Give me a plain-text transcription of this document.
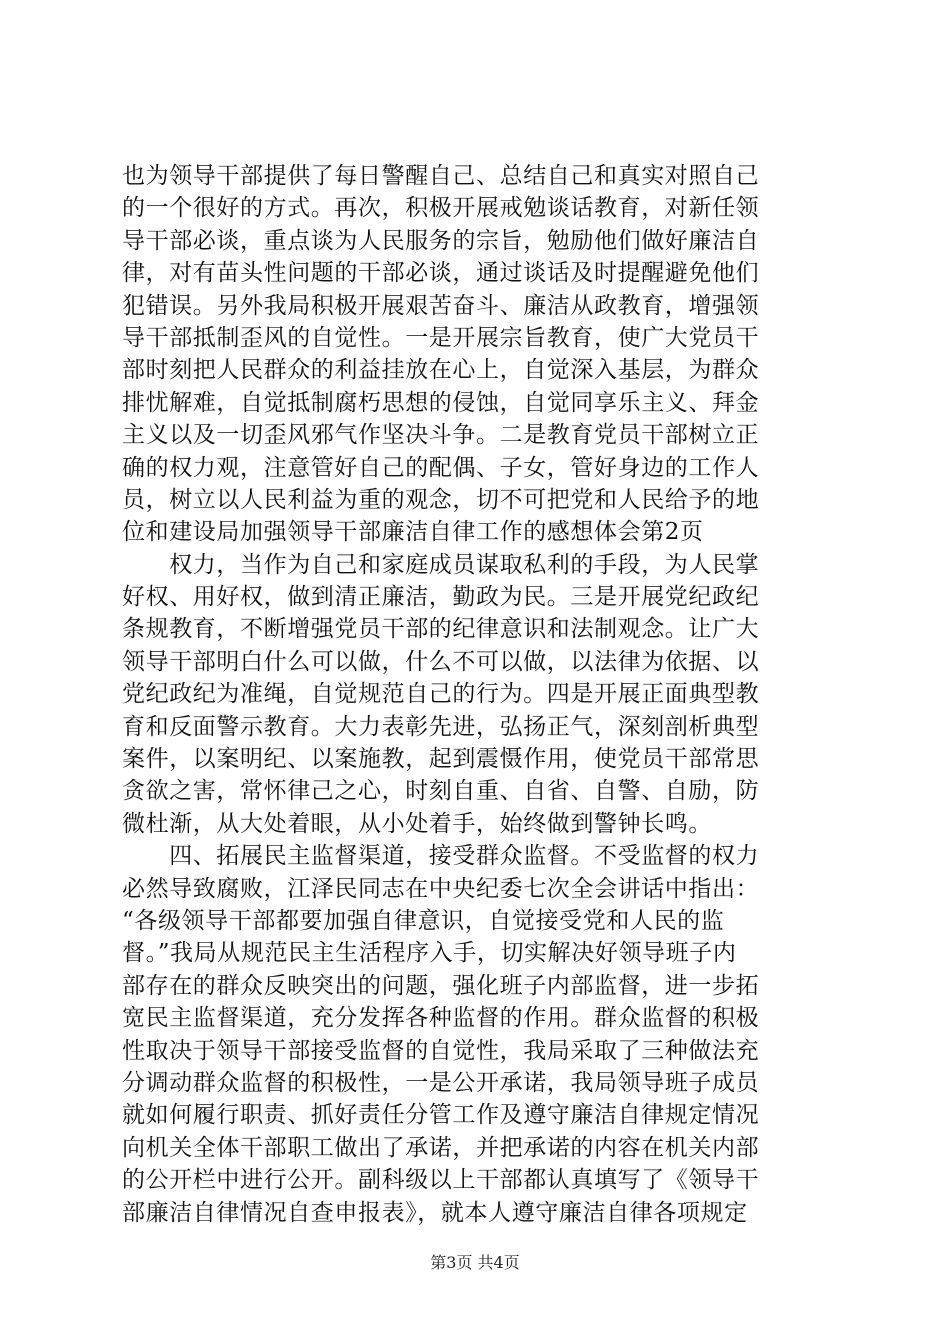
也为领导干部提供了每日警醒自己、总结自己和真实对照自己
的一个很好的方式。再次，积极开展戒勉谈话教育，对新任领
导干部必谈，重点谈为人民服务的宗旨，勉励他们做好廉洁自
律，对有苗头性问题的干部必谈，通过谈话及时提醒避免他们
犯错误。另外我局积极开展艰苦奋斗、廉洁从政教育，增强领
导干部抵制歪风的自觉性。一是开展宗旨教育，使广大党员干
部时刻把人民群众的利益挂放在心上，自觉深入基层，为群众
排忧解难，自觉抵制腐朽思想的侵蚀，自觉同享乐主义、拜金
主义以及一切歪风邪气作坚决斗争。二是教育党员干部树立正
确的权力观，注意管好自己的配偶、子女，管好身边的工作人
员，树立以人民利益为重的观念，切不可把党和人民给予的地
位和建设局加强领导干部廉洁自律工作的感想体会第2页
　　权力，当作为自己和家庭成员谋取私利的手段，为人民掌
好权、用好权，做到清正廉洁，勤政为民。三是开展党纪政纪
条规教育，不断增强党员干部的纪律意识和法制观念。让广大
领导干部明白什么可以做，什么不可以做，以法律为依据、以
党纪政纪为准绳，自觉规范自己的行为。四是开展正面典型教
育和反面警示教育。大力表彰先进，弘扬正气，深刻剖析典型
案件，以案明纪、以案施教，起到震慑作用，使党员干部常思
贪欲之害，常怀律己之心，时刻自重、自省、自警、自励，防
微杜渐，从大处着眼，从小处着手，始终做到警钟长鸣。
　　四、拓展民主监督渠道，接受群众监督。不受监督的权力
必然导致腐败，江泽民同志在中央纪委七次全会讲话中指出：
“各级领导干部都要加强自律意识，自觉接受党和人民的监
督。”我局从规范民主生活程序入手，切实解决好领导班子内
部存在的群众反映突出的问题，强化班子内部监督，进一步拓
宽民主监督渠道，充分发挥各种监督的作用。群众监督的积极
性取决于领导干部接受监督的自觉性，我局采取了三种做法充
分调动群众监督的积极性，一是公开承诺，我局领导班子成员
就如何履行职责、抓好责任分管工作及遵守廉洁自律规定情况
向机关全体干部职工做出了承诺，并把承诺的内容在机关内部
的公开栏中进行公开。副科级以上干部都认真填写了《领导干
部廉洁自律情况自查申报表》，就本人遵守廉洁自律各项规定
第3页 共4页
